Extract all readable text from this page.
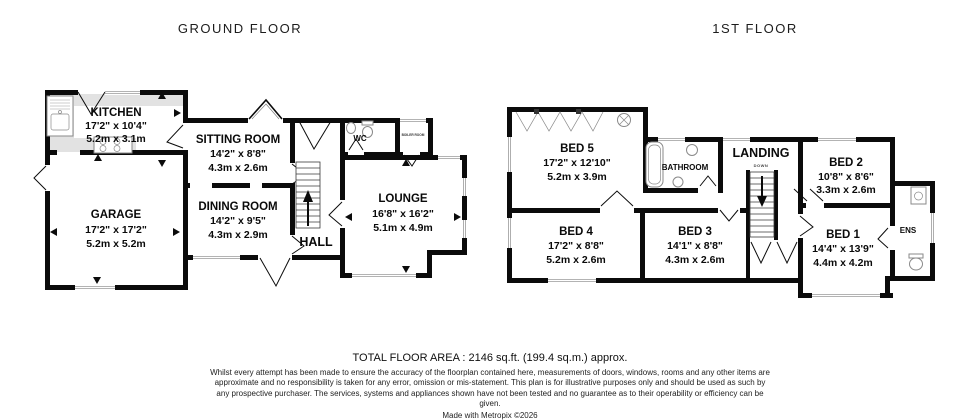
GROUND FLOOR	1ST FLOOR
KITCHEN
17'2" x 10'4"
5.2m x 3.1m	SITTING ROOM
14'2" x 8'8"
4.3m x 2.6m
GARAGE
17'2" x 17'2"
5.2m x 5.2m
DINING ROOM
14'2" x 9'5"
4.3m x 2.9m
LOUNGE
16'8" x 16'2"
5.1m x 4.9m
HALL
WC	BOILER ROOM
BED 5
17'2" x 12'10"
5.2m x 3.9m
BATHROOM
LANDING
DOWN	BED 2
10'8" x 8'6"
3.3m x 2.6m
BED 4
17'2" x 8'8"
5.2m x 2.6m
BED 3
14'1" x 8'8"
4.3m x 2.6m
BED 1
14'4" x 13'9"
4.4m x 4.2m
ENS
TOTAL FLOOR AREA : 2146 sq.ft. (199.4 sq.m.) approx.
Whilst every attempt has been made to ensure the accuracy of the floorplan contained here, measurements of doors, windows, rooms and any other items are approximate and no responsibility is taken for any error, omission or mis-statement. This plan is for illustrative purposes only and should be used as such by any prospective purchaser. The services, systems and appliances shown have not been tested and no guarantee as to their operability or efficiency can be given.
Made with Metropix ©2026
